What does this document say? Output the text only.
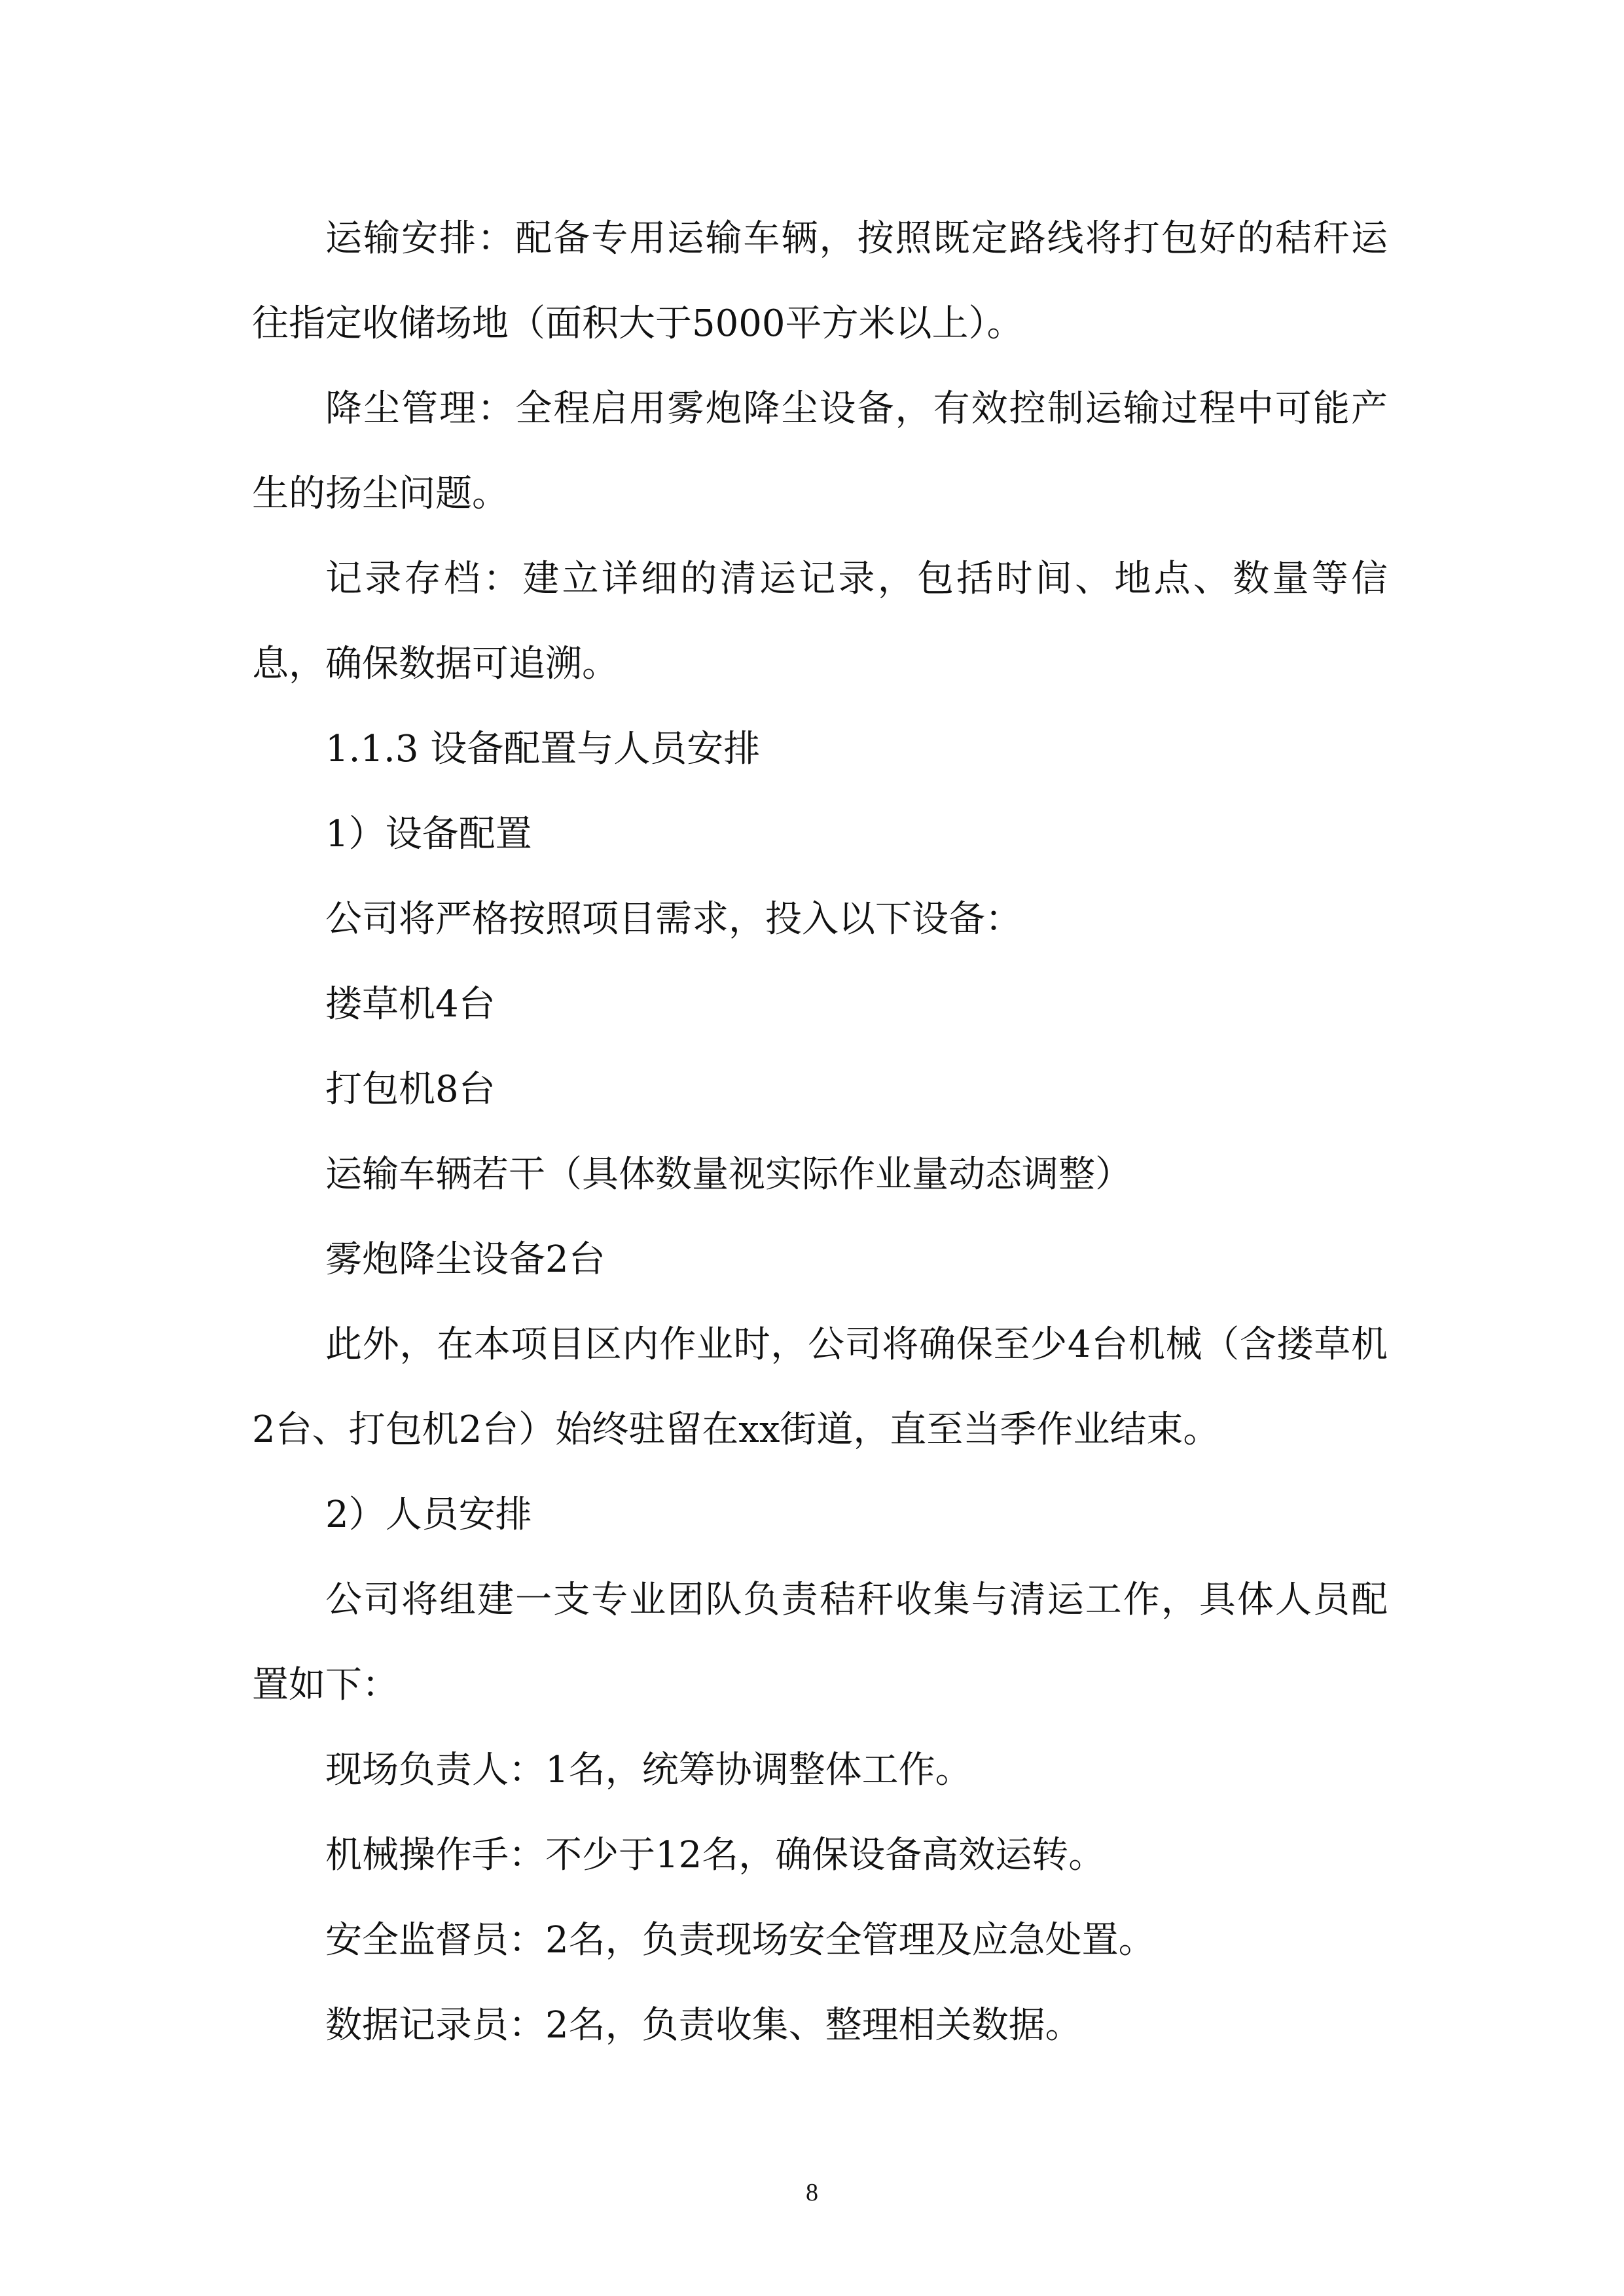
运输安排：配备专用运输车辆，按照既定路线将打包好的秸秆运往指定收储场地（面积大于5000平方米以上）。

降尘管理：全程启用雾炮降尘设备，有效控制运输过程中可能产生的扬尘问题。

记录存档：建立详细的清运记录，包括时间、地点、数量等信息，确保数据可追溯。

1.1.3 设备配置与人员安排

1）设备配置

公司将严格按照项目需求，投入以下设备：

搂草机4台

打包机8台

运输车辆若干（具体数量视实际作业量动态调整）

雾炮降尘设备2台

此外，在本项目区内作业时，公司将确保至少4台机械（含搂草机2台、打包机2台）始终驻留在xx街道，直至当季作业结束。

2）人员安排

公司将组建一支专业团队负责秸秆收集与清运工作，具体人员配置如下：

现场负责人：1名，统筹协调整体工作。

机械操作手：不少于12名，确保设备高效运转。

安全监督员：2名，负责现场安全管理及应急处置。

数据记录员：2名，负责收集、整理相关数据。

8
